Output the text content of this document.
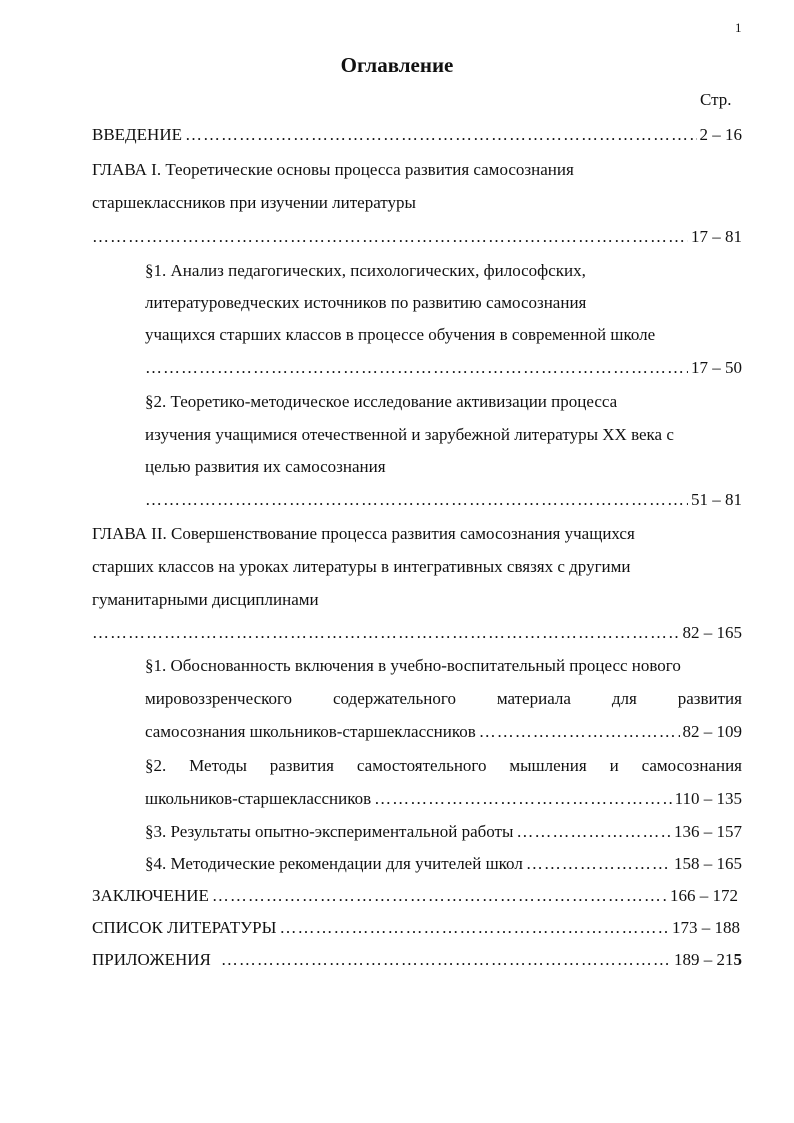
1
Оглавление
Стр.
ВВЕДЕНИЕ …………………………………………………………………………………………………………………………………………………………………………………………………………………………………	2 – 16
ГЛАВА I. Теоретические основы процесса развития самосознания
старшеклассников при изучении литературы
…………………………………………………………………………………………………………………………………………………………………………………………………………………………………
17 – 81
§1. Анализ педагогических, психологических, философских,
литературоведческих источников по развитию самосознания
учащихся старших классов в процессе обучения в современной школе
…………………………………………………………………………………………………………………………………………………………………………………………………………………………………
17 – 50
§2. Теоретико-методическое исследование активизации процесса
изучения учащимися отечественной и зарубежной литературы XX века с
целью развития их самосознания
…………………………………………………………………………………………………………………………………………………………………………………………………………………………………
51 – 81
ГЛАВА II. Совершенствование процесса развития самосознания учащихся
старших классов на уроках литературы в интегративных связях с другими
гуманитарными дисциплинами
…………………………………………………………………………………………………………………………………………………………………………………………………………………………………
82 – 165
§1. Обоснованность включения в учебно-воспитательный процесс нового
мировоззренческого содержательного материала для развития
самосознания школьников-старшеклассников …………………………………………………………………………………………………………………………………………………………………………………………………………………………………	82 – 109
§2. Методы развития самостоятельного мышления и самосознания
школьников-старшеклассников …………………………………………………………………………………………………………………………………………………………………………………………………………………………………	110 – 135
§3. Результаты опытно-экспериментальной работы …………………………………………………………………………………………………………………………………………………………………………………………………………………………………	136 – 157
§4. Методические рекомендации для учителей школ …………………………………………………………………………………………………………………………………………………………………………………………………………………………………	158 – 165
ЗАКЛЮЧЕНИЕ …………………………………………………………………………………………………………………………………………………………………………………………………………………………………	166 – 172
СПИСОК ЛИТЕРАТУРЫ …………………………………………………………………………………………………………………………………………………………………………………………………………………………………	173 – 188
ПРИЛОЖЕНИЯ …………………………………………………………………………………………………………………………………………………………………………………………………………………………………	189 – 215
